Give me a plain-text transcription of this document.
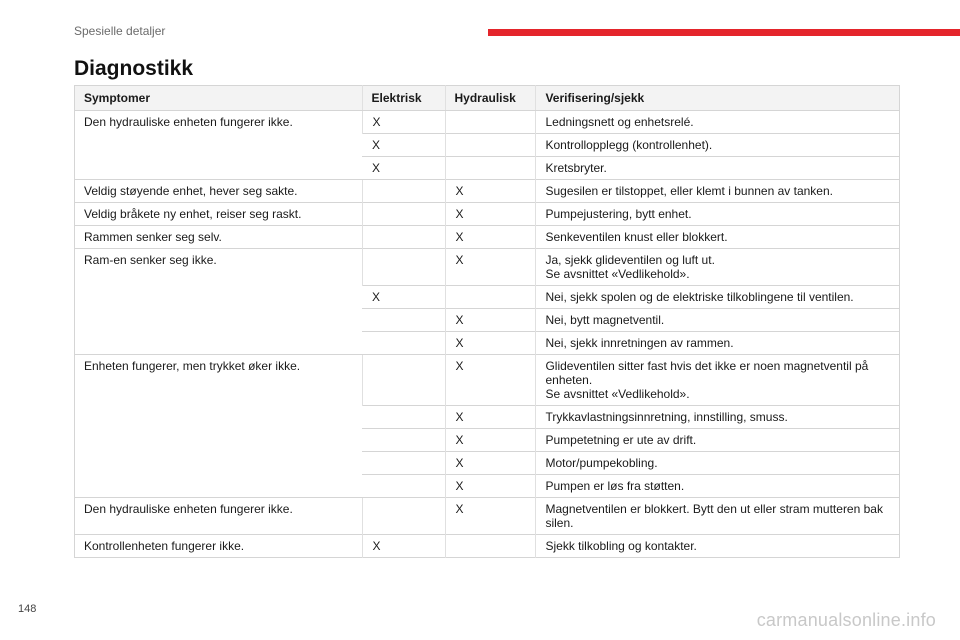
Spesielle detaljer
Diagnostikk
Symptomer	Elektrisk	Hydraulisk	Verifisering/sjekk
Den hydrauliske enheten fungerer ikke.	X		Ledningsnett og enhetsrelé.

	X		Kontrollopplegg (kontrollenhet).

	X		Kretsbryter.

Veldig støyende enhet, hever seg sakte.		X	Sugesilen er tilstoppet, eller klemt i bunnen av tanken.

Veldig bråkete ny enhet, reiser seg raskt.		X	Pumpejustering, bytt enhet.

Rammen senker seg selv.		X	Senkeventilen knust eller blokkert.

Ram-en senker seg ikke.		X	Ja, sjekk glideventilen og luft ut.
Se avsnittet «Vedlikehold».

	X		Nei, sjekk spolen og de elektriske tilkoblingene til ventilen.

		X	Nei, bytt magnetventil.

		X	Nei, sjekk innretningen av rammen.

Enheten fungerer, men trykket øker ikke.		X	Glideventilen sitter fast hvis det ikke er noen magnetventil på enheten.
Se avsnittet «Vedlikehold».

		X	Trykkavlastningsinnretning, innstilling, smuss.

		X	Pumpetetning er ute av drift.

		X	Motor/pumpekobling.

		X	Pumpen er løs fra støtten.

Den hydrauliske enheten fungerer ikke.		X	Magnetventilen er blokkert. Bytt den ut eller stram mutteren bak silen.

Kontrollenheten fungerer ikke.	X		Sjekk tilkobling og kontakter.
148
carmanualsonline.info
